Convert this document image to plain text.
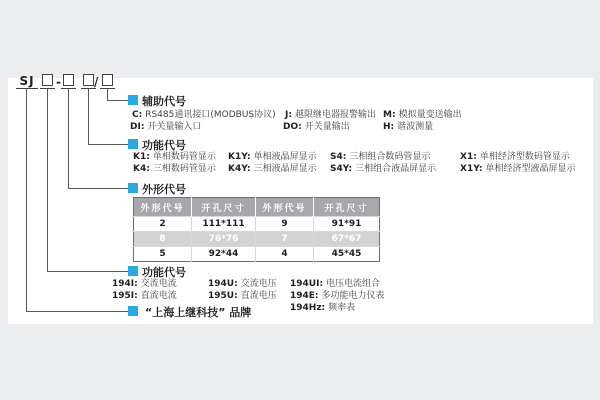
SJ -	/
辅助代号
C: RS485通讯接口(MODBUS协议) J: 越限继电器报警输出 M: 模拟量变送输出
DI: 开关量输入口	DO: 开关量输出	H: 谐波测量
功能代号
K1: 单相数码管显示 K1Y: 单相液晶屏显示 S4: 三相组合数码管显示	X1: 单相经济型数码管显示
K4: 三相数码管显示 K4Y: 三相液晶屏显示 S4Y: 三相组合液晶屏显示	X1Y: 单相经济型液晶屏显示
外形代号
外形代号	开孔尺寸	外形代号	开孔尺寸
2	111*111	9	91*91
8	76*76	7	67*67
5	92*44	4	45*45
功能代号
194I: 交流电流	194U: 交流电压 194UI: 电压电流组合
195I: 直流电流	195U: 直流电压 194E: 多功能电力仪表
194Hz: 频率表
“上海上继科技” 品牌
